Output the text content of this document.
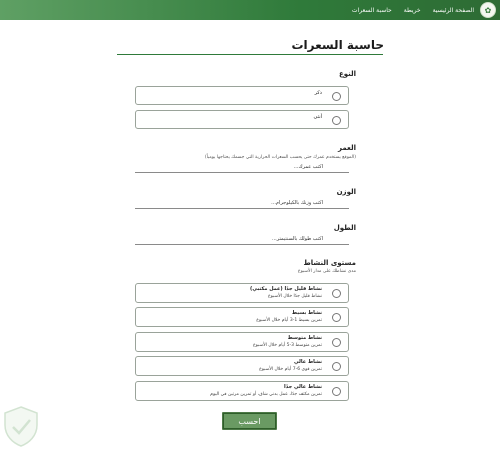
✿
الصفحة الرئيسية
خريطة
حاسبة السعرات
حاسبة السعرات
النوع
ذكر
أنثى
العمر
(الموقع يستخدم عمرك حتى يحسب السعرات الحرارية التي جسمك يحتاجها يومياً)
اكتب عمرك...
الوزن
اكتب وزنك بالكيلوجرام...
الطول
اكتب طولك بالسنتيمتر...
مستوى النشاط
مدى نشاطك على مدار الأسبوع
نشاط قليل جدًا (عمل مكتبي)
نشاط قليل جدًا خلال الأسبوع
نشاط بسيط
تمرين بسيط 1-3 أيام خلال الأسبوع
نشاط متوسط
تمرين متوسط 3-5 أيام خلال الأسبوع
نشاط عالي
تمرين قوي 6-7 أيام خلال الأسبوع
نشاط عالي جدًا
تمرين مكثف جدًا، عمل بدني شاق، أو تمرين مرتين في اليوم
احسب
